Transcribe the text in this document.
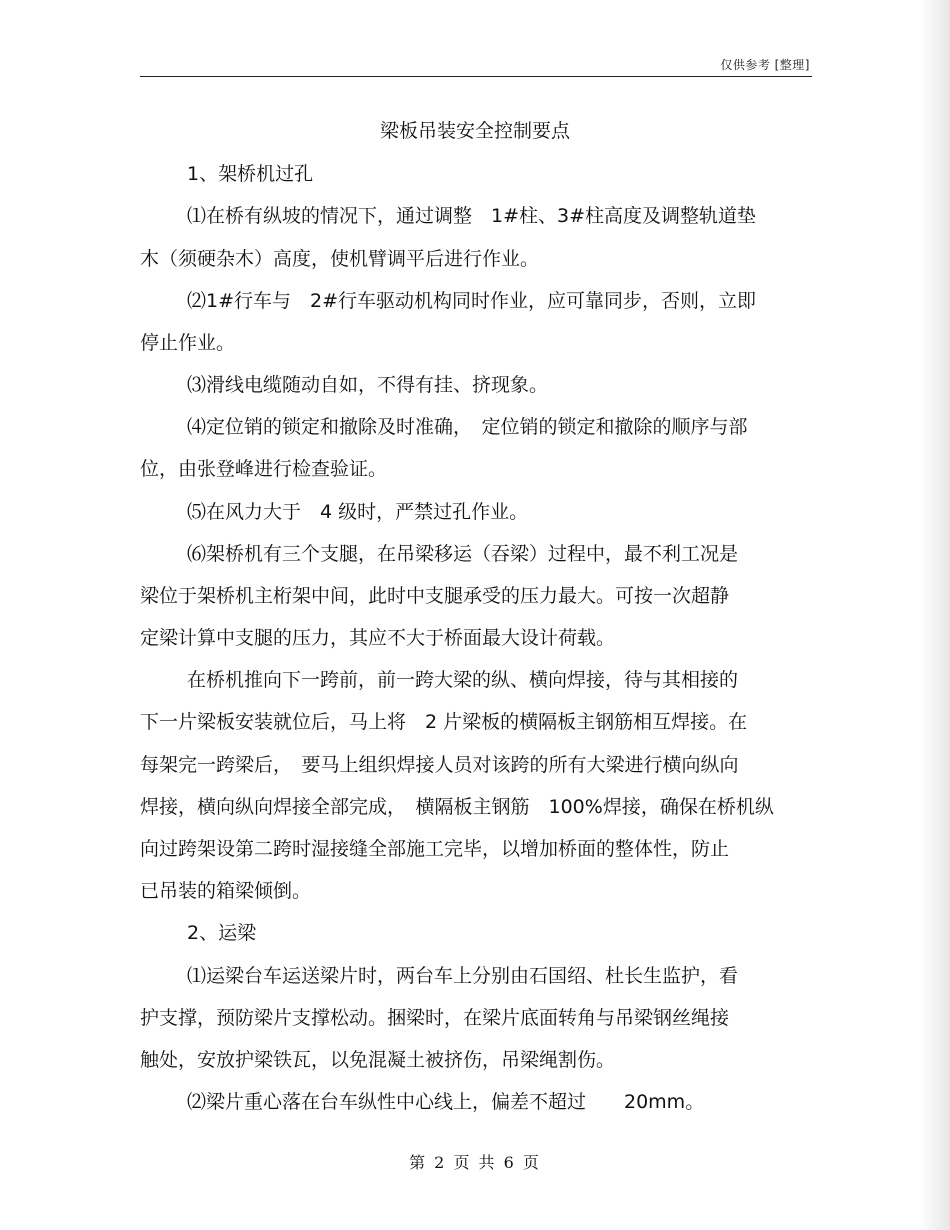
仅供参考 [整理]
梁板吊装安全控制要点
1、架桥机过孔
⑴在桥有纵坡的情况下，通过调整　1#柱、3#柱高度及调整轨道垫
木（须硬杂木）高度，使机臂调平后进行作业。
⑵1#行车与　2#行车驱动机构同时作业，应可靠同步，否则，立即
停止作业。
⑶滑线电缆随动自如，不得有挂、挤现象。
⑷定位销的锁定和撤除及时准确，　定位销的锁定和撤除的顺序与部
位，由张登峰进行检查验证。
⑸在风力大于　4 级时，严禁过孔作业。
⑹架桥机有三个支腿，在吊梁移运（吞梁）过程中，最不利工况是
梁位于架桥机主桁架中间，此时中支腿承受的压力最大。可按一次超静
定梁计算中支腿的压力，其应不大于桥面最大设计荷载。
在桥机推向下一跨前，前一跨大梁的纵、横向焊接，待与其相接的
下一片梁板安装就位后，马上将　2 片梁板的横隔板主钢筋相互焊接。在
每架完一跨梁后，　要马上组织焊接人员对该跨的所有大梁进行横向纵向
焊接，横向纵向焊接全部完成，　横隔板主钢筋　100%焊接，确保在桥机纵
向过跨架设第二跨时湿接缝全部施工完毕，以增加桥面的整体性，防止
已吊装的箱梁倾倒。
2、运梁
⑴运梁台车运送梁片时，两台车上分别由石国绍、杜长生监护，看
护支撑，预防梁片支撑松动。捆梁时，在梁片底面转角与吊梁钢丝绳接
触处，安放护梁铁瓦，以免混凝土被挤伤，吊梁绳割伤。
⑵梁片重心落在台车纵性中心线上，偏差不超过　　20mm。
第 2 页 共 6 页
